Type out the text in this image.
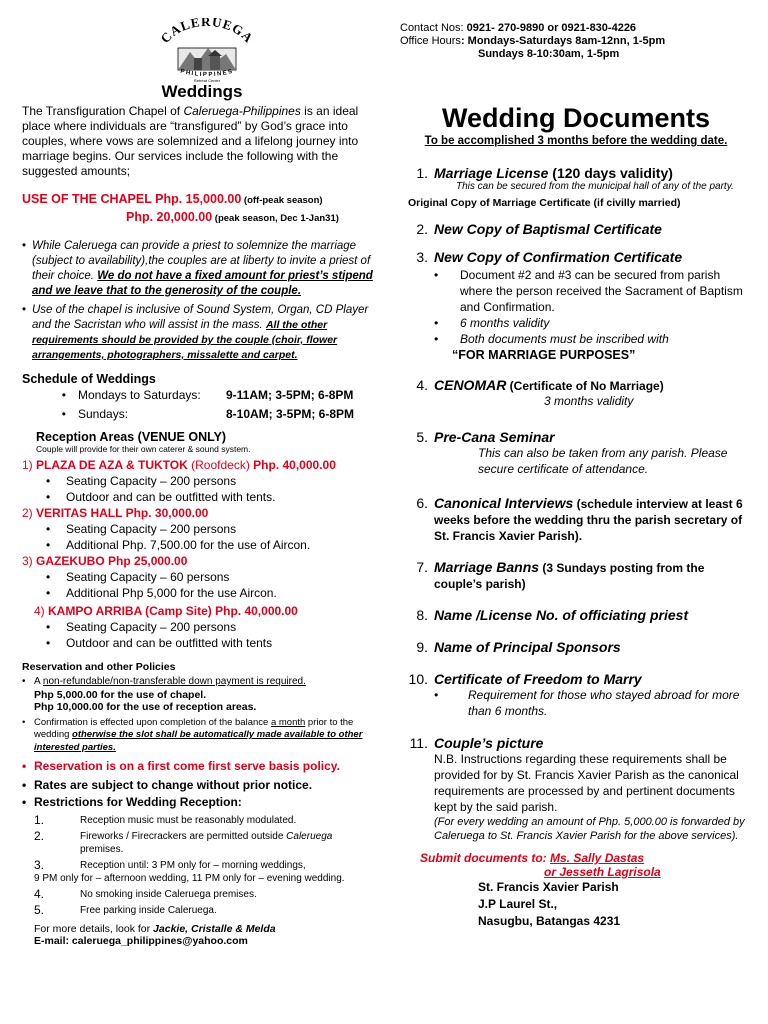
CALERUEGA
PHILIPPINES
Retreat Center
Weddings
The Transfiguration Chapel of Caleruega-Philippines is an ideal place where individuals are “transfigured” by God’s grace into couples, where vows are solemnized and a lifelong journey into marriage begins. Our services include the following with the suggested amounts;
USE OF THE CHAPEL Php. 15,000.00 (off-peak season)
Php. 20,000.00 (peak season, Dec 1-Jan31)
• While Caleruega can provide a priest to solemnize the marriage (subject to availability),the couples are at liberty to invite a priest of their choice. We do not have a fixed amount for priest’s stipend and we leave that to the generosity of the couple.
• Use of the chapel is inclusive of Sound System, Organ, CD Player and the Sacristan who will assist in the mass. All the other requirements should be provided by the couple (choir, flower arrangements, photographers, missalette and carpet.
Schedule of Weddings
•	Mondays to Saturdays:	9-11AM; 3-5PM; 6-8PM
•	Sundays:	8-10AM; 3-5PM; 6-8PM
Reception Areas (VENUE ONLY)
Couple will provide for their own caterer & sound system.
1) PLAZA DE AZA & TUKTOK (Roofdeck) Php. 40,000.00
• Seating Capacity – 200 persons
• Outdoor and can be outfitted with tents.
2) VERITAS HALL Php. 30,000.00
• Seating Capacity – 200 persons
• Additional Php. 7,500.00 for the use of Aircon.
3) GAZEKUBO Php 25,000.00
• Seating Capacity – 60 persons
• Additional Php 5,000 for the use Aircon.
4) KAMPO ARRIBA (Camp Site) Php. 40,000.00
• Seating Capacity – 200 persons
• Outdoor and can be outfitted with tents
Reservation and other Policies
• A non-refundable/non-transferable down payment is required.
Php 5,000.00 for the use of chapel.
Php 10,000.00 for the use of reception areas.
• Confirmation is effected upon completion of the balance a month prior to the wedding otherwise the slot shall be automatically made available to other interested parties.
• Reservation is on a first come first serve basis policy.
• Rates are subject to change without prior notice.
• Restrictions for Wedding Reception:
1.	Reception music must be reasonably modulated.
2.	Fireworks / Firecrackers are permitted outside Caleruega
premises.
3.	Reception until: 3 PM only for – morning weddings,
9 PM only for – afternoon wedding, 11 PM only for – evening wedding.
4.	No smoking inside Caleruega premises.
5.	Free parking inside Caleruega.
For more details, look for Jackie, Cristalle & Melda
E-mail: caleruega_philippines@yahoo.com
Contact Nos: 0921- 270-9890 or 0921-830-4226
Office Hours: Mondays-Saturdays 8am-12nn, 1-5pm
Sundays 8-10:30am, 1-5pm
Wedding Documents
To be accomplished 3 months before the wedding date.
1. Marriage License (120 days validity)
This can be secured from the municipal hall of any of the party.
Original Copy of Marriage Certificate (if civilly married)
2. New Copy of Baptismal Certificate
3. New Copy of Confirmation Certificate
• Document #2 and #3 can be secured from parish where the person received the Sacrament of Baptism and Confirmation.
• 6 months validity
• Both documents must be inscribed with
“FOR MARRIAGE PURPOSES”
4. CENOMAR (Certificate of No Marriage)
3 months validity
5. Pre-Cana Seminar
This can also be taken from any parish. Please secure certificate of attendance.
6. Canonical Interviews (schedule interview at least 6 weeks before the wedding thru the parish secretary of St. Francis Xavier Parish).
7. Marriage Banns (3 Sundays posting from the couple’s parish)
8. Name /License No. of officiating priest
9. Name of Principal Sponsors
10. Certificate of Freedom to Marry
• Requirement for those who stayed abroad for more than 6 months.
11. Couple’s picture
N.B. Instructions regarding these requirements shall be provided for by St. Francis Xavier Parish as the canonical requirements are processed by and pertinent documents kept by the said parish.
(For every wedding an amount of Php. 5,000.00 is forwarded by Caleruega to St. Francis Xavier Parish for the above services).
Submit documents to: Ms. Sally Dastas
or Jesseth Lagrisola
St. Francis Xavier Parish
J.P Laurel St.,
Nasugbu, Batangas 4231
